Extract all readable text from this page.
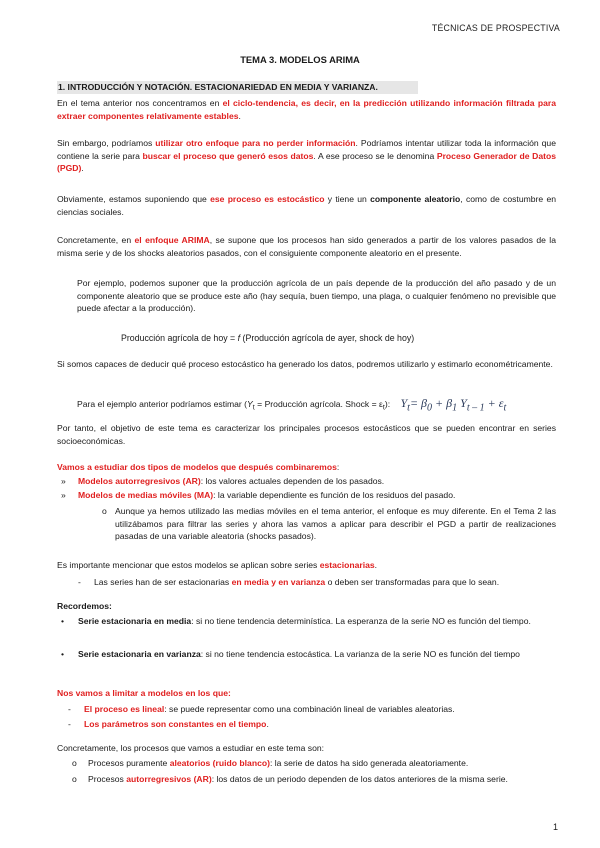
TÉCNICAS DE PROSPECTIVA
TEMA 3. MODELOS ARIMA
1. INTRODUCCIÓN Y NOTACIÓN. ESTACIONARIEDAD EN MEDIA Y VARIANZA.
En el tema anterior nos concentramos en el ciclo-tendencia, es decir, en la predicción utilizando información filtrada para extraer componentes relativamente estables.
Sin embargo, podríamos utilizar otro enfoque para no perder información. Podríamos intentar utilizar toda la información que contiene la serie para buscar el proceso que generó esos datos. A ese proceso se le denomina Proceso Generador de Datos (PGD).
Obviamente, estamos suponiendo que ese proceso es estocástico y tiene un componente aleatorio, como de costumbre en ciencias sociales.
Concretamente, en el enfoque ARIMA, se supone que los procesos han sido generados a partir de los valores pasados de la misma serie y de los shocks aleatorios pasados, con el consiguiente componente aleatorio en el presente.
Por ejemplo, podemos suponer que la producción agrícola de un país depende de la producción del año pasado y de un componente aleatorio que se produce este año (hay sequía, buen tiempo, una plaga, o cualquier fenómeno no previsible que puede afectar a la producción).
Producción agrícola de hoy = f (Producción agrícola de ayer, shock de hoy)
Si somos capaces de deducir qué proceso estocástico ha generado los datos, podremos utilizarlo y estimarlo econométricamente.
Para el ejemplo anterior podríamos estimar ($Y_t$ = Producción agrícola. Shock = $\varepsilon_t$): $Y_t= \beta_0 + \beta_1$ $Y_{t - 1} + \varepsilon_t$
Por tanto, el objetivo de este tema es caracterizar los principales procesos estocásticos que se pueden encontrar en series socioeconómicas.
Vamos a estudiar dos tipos de modelos que después combinaremos:
» Modelos autorregresivos (AR): los valores actuales dependen de los pasados.
» Modelos de medias móviles (MA): la variable dependiente es función de los residuos del pasado.
o Aunque ya hemos utilizado las medias móviles en el tema anterior, el enfoque es muy diferente. En el Tema 2 las utilizábamos para filtrar las series y ahora las vamos a aplicar para describir el PGD a partir de realizaciones pasadas de una variable aleatoria (shocks pasados).
Es importante mencionar que estos modelos se aplican sobre series estacionarias.
- Las series han de ser estacionarias en media y en varianza o deben ser transformadas para que lo sean.
Recordemos:
• Serie estacionaria en media: si no tiene tendencia determinística. La esperanza de la serie NO es función del tiempo.
• Serie estacionaria en varianza: si no tiene tendencia estocástica. La varianza de la serie NO es función del tiempo
Nos vamos a limitar a modelos en los que:
- El proceso es lineal: se puede representar como una combinación lineal de variables aleatorias.
- Los parámetros son constantes en el tiempo.
Concretamente, los procesos que vamos a estudiar en este tema son:
o Procesos puramente aleatorios (ruido blanco): la serie de datos ha sido generada aleatoriamente.
o Procesos autorregresivos (AR): los datos de un periodo dependen de los datos anteriores de la misma serie.
1
